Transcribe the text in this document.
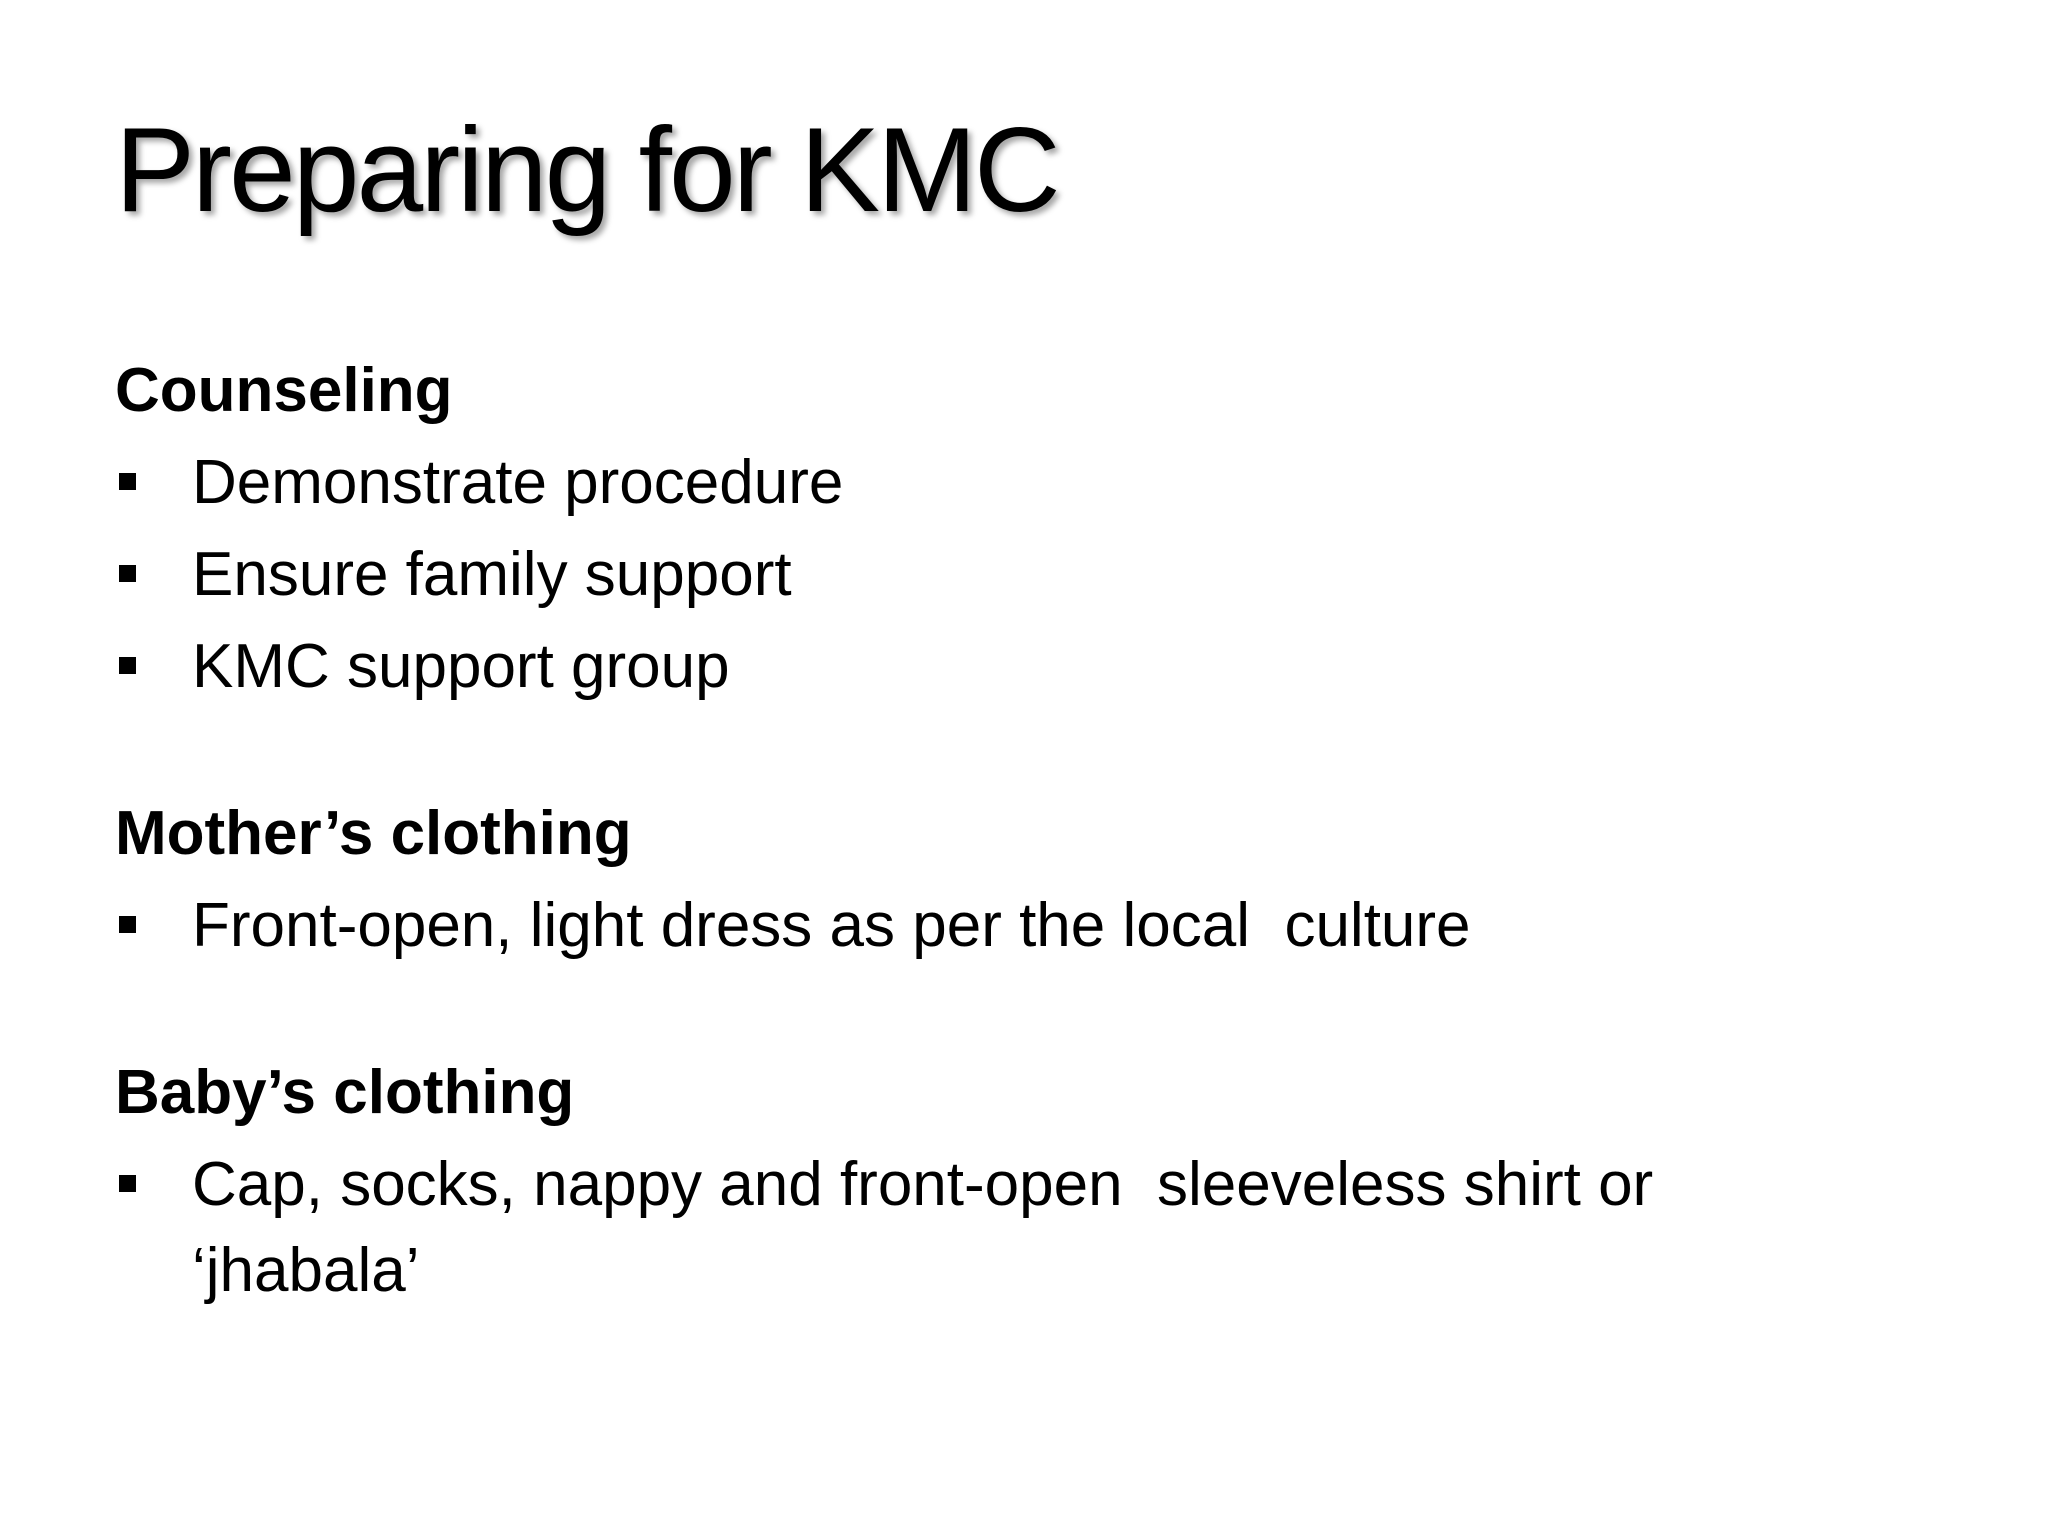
Preparing for KMC
Counseling
Demonstrate procedure
Ensure family support
KMC support group
Mother’s clothing
Front-open, light dress as per the local  culture
Baby’s clothing
Cap, socks, nappy and front-open  sleeveless shirt or ‘jhabala’
